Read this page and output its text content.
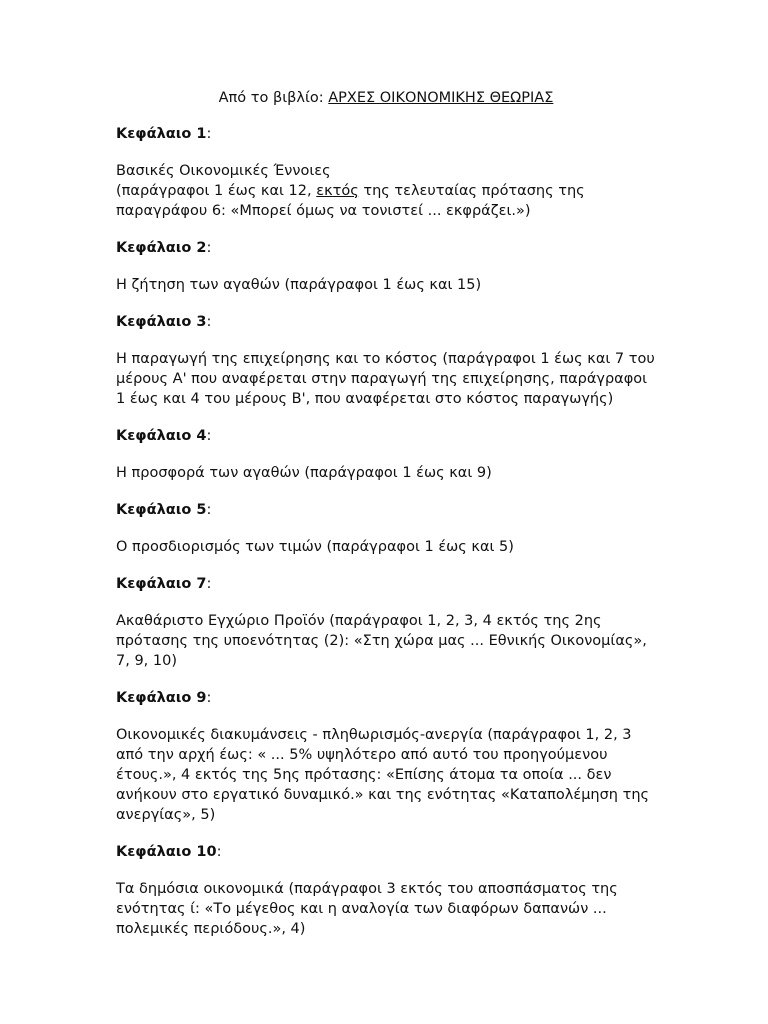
Από το βιβλίο: ΑΡΧΕΣ ΟΙΚΟΝΟΜΙΚΗΣ ΘΕΩΡΙΑΣ

Κεφάλαιο 1:

Βασικές Οικονομικές Έννοιες
(παράγραφοι 1 έως και 12, εκτός της τελευταίας πρότασης της παραγράφου 6: «Μπορεί όμως να τονιστεί ... εκφράζει.»)

Κεφάλαιο 2:

Η ζήτηση των αγαθών (παράγραφοι 1 έως και 15)

Κεφάλαιο 3:

Η παραγωγή της επιχείρησης και το κόστος (παράγραφοι 1 έως και 7 του μέρους Α' που αναφέρεται στην παραγωγή της επιχείρησης, παράγραφοι 1 έως και 4 του μέρους Β', που αναφέρεται στο κόστος παραγωγής)

Κεφάλαιο 4:

Η προσφορά των αγαθών (παράγραφοι 1 έως και 9)

Κεφάλαιο 5:

Ο προσδιορισμός των τιμών (παράγραφοι 1 έως και 5)

Κεφάλαιο 7:

Ακαθάριστο Εγχώριο Προϊόν (παράγραφοι 1, 2, 3, 4 εκτός της 2ης πρότασης της υποενότητας (2): «Στη χώρα μας ... Εθνικής Οικονομίας», 7, 9, 10)

Κεφάλαιο 9:

Οικονομικές διακυμάνσεις - πληθωρισμός-ανεργία (παράγραφοι 1, 2, 3 από την αρχή έως: « ... 5% υψηλότερο από αυτό του προηγούμενου έτους.», 4 εκτός της 5ης πρότασης: «Επίσης άτομα τα οποία ... δεν ανήκουν στο εργατικό δυναμικό.» και της ενότητας «Καταπολέμηση της ανεργίας», 5)

Κεφάλαιο 10:

Τα δημόσια οικονομικά (παράγραφοι 3 εκτός του αποσπάσματος της ενότητας ί: «Το μέγεθος και η αναλογία των διαφόρων δαπανών ... πολεμικές περιόδους.», 4)
